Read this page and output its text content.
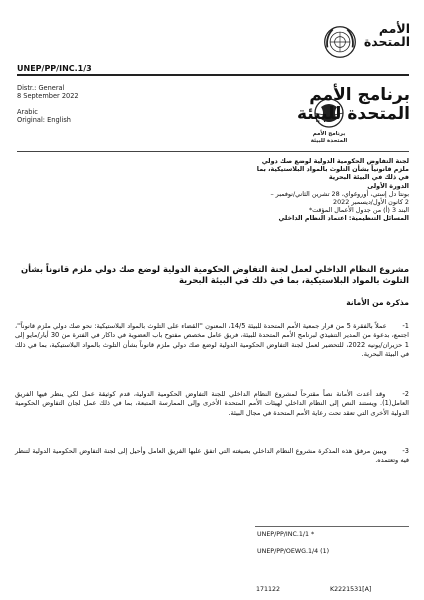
الأمم
المتحدة
UNEP/PP/INC.1/3
Distr.: General
8 September 2022
Arabic
Original: English
برنامج الأمم
المتحدة للبيئة
برنامج الأمم
المتحدة للبيئة
لجنة التفاوض الحكومية الدولية لوضع صك دولي
ملزم قانونياً بشأن التلوث بالمواد البلاستيكية، بما
في ذلك في البيئة البحرية
الدورة الأولى
بونتا دل إستي، أوروغواي، 28 تشرين الثاني/نوفمبر –
2 كانون الأول/ديسمبر 2022
البند 3 (أ) من جدول الأعمال المؤقت*
المسائل التنظيمية: اعتماد النظام الداخلي
مشروع النظام الداخلي لعمل لجنة التفاوض الحكومية الدولية لوضع صك دولي ملزم قانوناً بشأن
التلوث بالمواد البلاستيكية، بما في ذلك في البيئة البحرية
مذكرة من الأمانة
1- عملاً بالفقرة 5 من قرار جمعية الأمم المتحدة للبيئة 14/5، المعنون ''القضاء على التلوث بالمواد البلاستيكية: نحو صك دولي ملزم قانوناً''، اجتمع، بدعوة من المدير التنفيذي لبرنامج الأمم المتحدة للبيئة، فريق عامل مخصص مفتوح باب العضوية في داكار في الفترة من 30 أيار/مايو إلى 1 حزيران/يونيه 2022، للتحضير لعمل لجنة التفاوض الحكومية الدولية لوضع صك دولي ملزم قانوناً بشأن التلوث بالمواد البلاستيكية، بما في ذلك في البيئة البحرية.
2- وقد أعدت الأمانة نصاً مقترحاً لمشروع النظام الداخلي للجنة التفاوض الحكومية الدولية، قدم كوثيقة عمل لكي ينظر فيها الفريق العامل(1). ويستند النص إلى النظام الداخلي لهيئات الأمم المتحدة الأخرى وإلى الممارسة المتبعة، بما في ذلك عمل لجان التفاوض الحكومية الدولية الأخرى التي تعقد تحت رعاية الأمم المتحدة في مجال البيئة.
3- ويبين مرفق هذه المذكرة مشروع النظام الداخلي بصيغته التي اتفق عليها الفريق العامل وأحيل إلى لجنة التفاوض الحكومية الدولية لتنظر فيه وتعتمده.
UNEP/PP/INC.1/1 *
UNEP/PP/OEWG.1/4 (1)
171122	K2221531[A]
